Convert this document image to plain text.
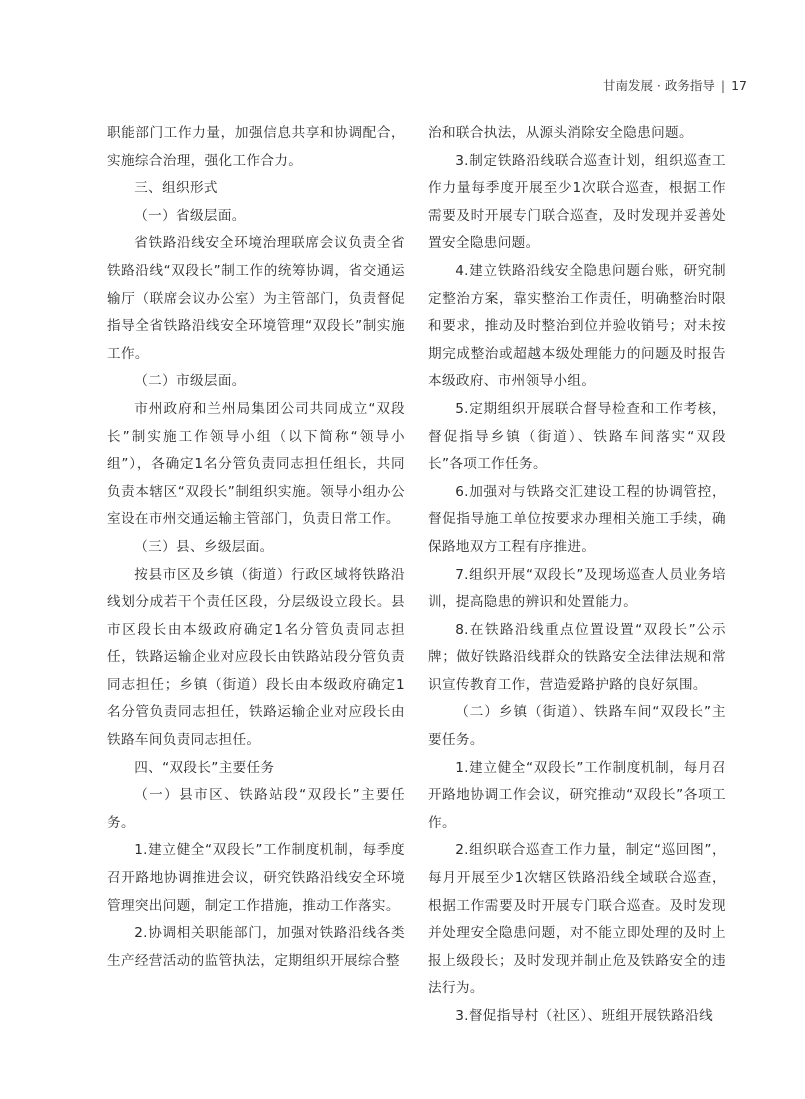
甘南发展 · 政务指导 | 17

职能部门工作力量，加强信息共享和协调配合，实施综合治理，强化工作合力。

三、组织形式

（一）省级层面。

省铁路沿线安全环境治理联席会议负责全省铁路沿线“双段长”制工作的统筹协调，省交通运输厅（联席会议办公室）为主管部门，负责督促指导全省铁路沿线安全环境管理“双段长”制实施工作。

（二）市级层面。

市州政府和兰州局集团公司共同成立“双段长”制实施工作领导小组（以下简称“领导小组”），各确定1名分管负责同志担任组长，共同负责本辖区“双段长”制组织实施。领导小组办公室设在市州交通运输主管部门，负责日常工作。

（三）县、乡级层面。

按县市区及乡镇（街道）行政区域将铁路沿线划分成若干个责任区段，分层级设立段长。县市区段长由本级政府确定1名分管负责同志担任，铁路运输企业对应段长由铁路站段分管负责同志担任；乡镇（街道）段长由本级政府确定1名分管负责同志担任，铁路运输企业对应段长由铁路车间负责同志担任。

四、“双段长”主要任务

（一）县市区、铁路站段“双段长”主要任务。

1.建立健全“双段长”工作制度机制，每季度召开路地协调推进会议，研究铁路沿线安全环境管理突出问题，制定工作措施，推动工作落实。

2.协调相关职能部门，加强对铁路沿线各类生产经营活动的监管执法，定期组织开展综合整

治和联合执法，从源头消除安全隐患问题。

3.制定铁路沿线联合巡查计划，组织巡查工作力量每季度开展至少1次联合巡查，根据工作需要及时开展专门联合巡查，及时发现并妥善处置安全隐患问题。

4.建立铁路沿线安全隐患问题台账，研究制定整治方案，靠实整治工作责任，明确整治时限和要求，推动及时整治到位并验收销号；对未按期完成整治或超越本级处理能力的问题及时报告本级政府、市州领导小组。

5.定期组织开展联合督导检查和工作考核，督促指导乡镇（街道）、铁路车间落实“双段长”各项工作任务。

6.加强对与铁路交汇建设工程的协调管控，督促指导施工单位按要求办理相关施工手续，确保路地双方工程有序推进。

7.组织开展“双段长”及现场巡查人员业务培训，提高隐患的辨识和处置能力。

8.在铁路沿线重点位置设置“双段长”公示牌；做好铁路沿线群众的铁路安全法律法规和常识宣传教育工作，营造爱路护路的良好氛围。

（二）乡镇（街道）、铁路车间“双段长”主要任务。

1.建立健全“双段长”工作制度机制，每月召开路地协调工作会议，研究推动“双段长”各项工作。

2.组织联合巡查工作力量，制定“巡回图”，每月开展至少1次辖区铁路沿线全域联合巡查，根据工作需要及时开展专门联合巡查。及时发现并处理安全隐患问题，对不能立即处理的及时上报上级段长；及时发现并制止危及铁路安全的违法行为。

3.督促指导村（社区）、班组开展铁路沿线
